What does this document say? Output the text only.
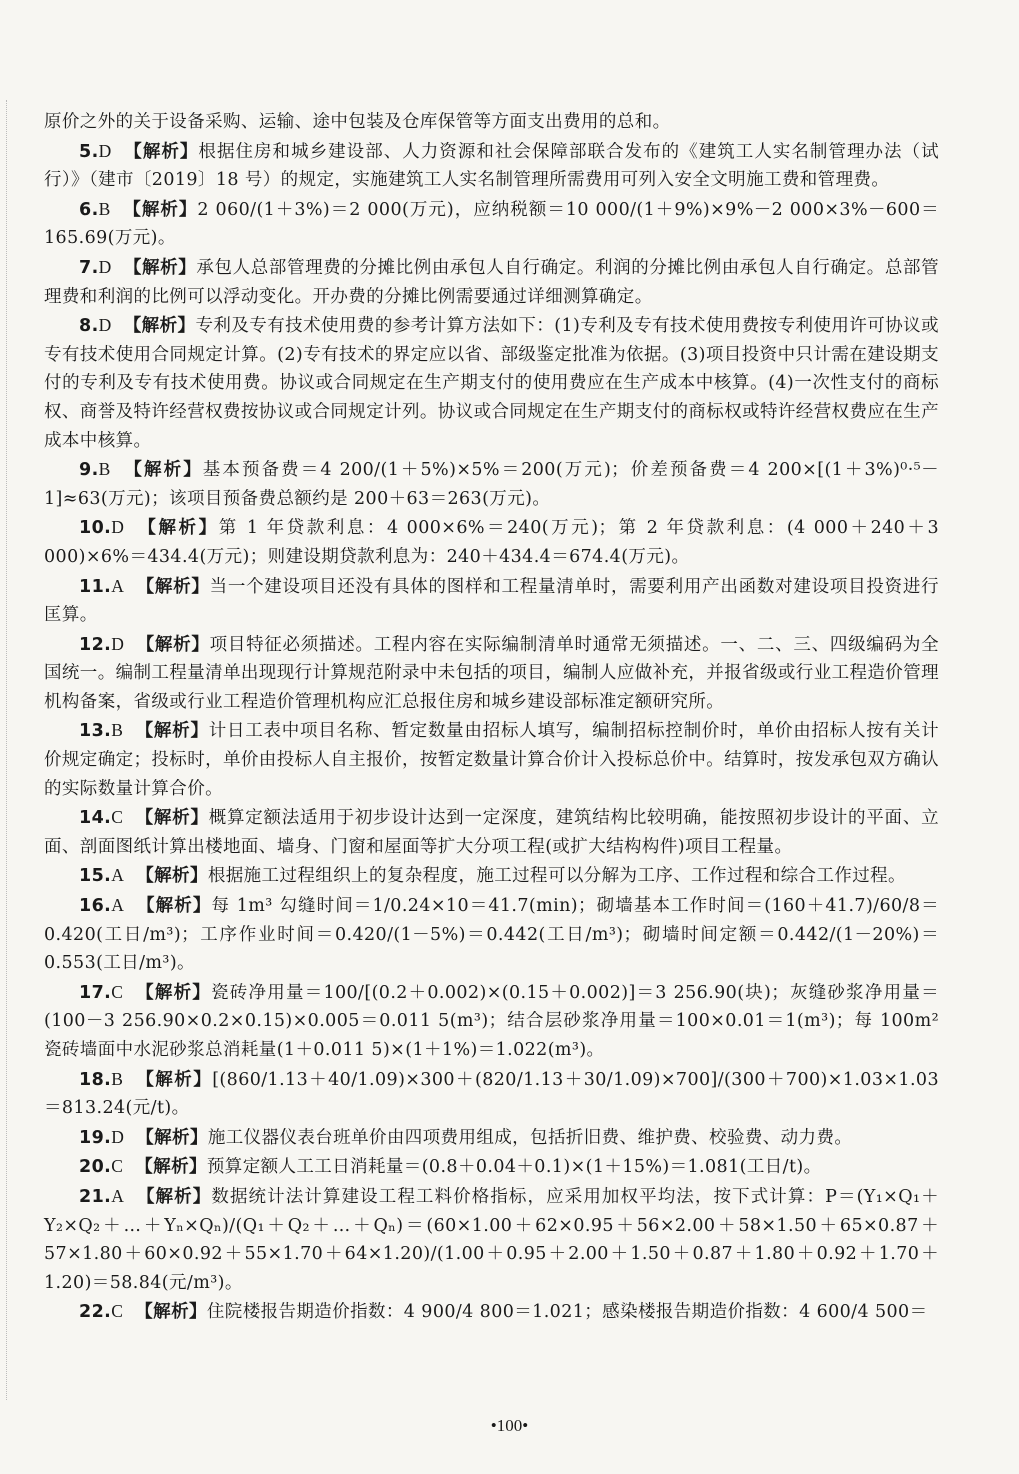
原价之外的关于设备采购、运输、途中包装及仓库保管等方面支出费用的总和。

5.D 【解析】根据住房和城乡建设部、人力资源和社会保障部联合发布的《建筑工人实名制管理办法（试行）》（建市〔2019〕18 号）的规定，实施建筑工人实名制管理所需费用可列入安全文明施工费和管理费。

6.B 【解析】2 060/(1＋3%)＝2 000(万元)，应纳税额＝10 000/(1＋9%)×9%－2 000×3%－600＝165.69(万元)。

7.D 【解析】承包人总部管理费的分摊比例由承包人自行确定。利润的分摊比例由承包人自行确定。总部管理费和利润的比例可以浮动变化。开办费的分摊比例需要通过详细测算确定。

8.D 【解析】专利及专有技术使用费的参考计算方法如下：(1)专利及专有技术使用费按专利使用许可协议或专有技术使用合同规定计算。(2)专有技术的界定应以省、部级鉴定批准为依据。(3)项目投资中只计需在建设期支付的专利及专有技术使用费。协议或合同规定在生产期支付的使用费应在生产成本中核算。(4)一次性支付的商标权、商誉及特许经营权费按协议或合同规定计列。协议或合同规定在生产期支付的商标权或特许经营权费应在生产成本中核算。

9.B 【解析】基本预备费＝4 200/(1＋5%)×5%＝200(万元)；价差预备费＝4 200×[(1＋3%)⁰·⁵－1]≈63(万元)；该项目预备费总额约是 200＋63＝263(万元)。

10.D 【解析】第 1 年贷款利息：4 000×6%＝240(万元)；第 2 年贷款利息：(4 000＋240＋3 000)×6%＝434.4(万元)；则建设期贷款利息为：240＋434.4＝674.4(万元)。

11.A 【解析】当一个建设项目还没有具体的图样和工程量清单时，需要利用产出函数对建设项目投资进行匡算。

12.D 【解析】项目特征必须描述。工程内容在实际编制清单时通常无须描述。一、二、三、四级编码为全国统一。编制工程量清单出现现行计算规范附录中未包括的项目，编制人应做补充，并报省级或行业工程造价管理机构备案，省级或行业工程造价管理机构应汇总报住房和城乡建设部标准定额研究所。

13.B 【解析】计日工表中项目名称、暂定数量由招标人填写，编制招标控制价时，单价由招标人按有关计价规定确定；投标时，单价由投标人自主报价，按暂定数量计算合价计入投标总价中。结算时，按发承包双方确认的实际数量计算合价。

14.C 【解析】概算定额法适用于初步设计达到一定深度，建筑结构比较明确，能按照初步设计的平面、立面、剖面图纸计算出楼地面、墙身、门窗和屋面等扩大分项工程(或扩大结构构件)项目工程量。

15.A 【解析】根据施工过程组织上的复杂程度，施工过程可以分解为工序、工作过程和综合工作过程。

16.A 【解析】每 1m³ 勾缝时间＝1/0.24×10＝41.7(min)；砌墙基本工作时间＝(160＋41.7)/60/8＝0.420(工日/m³)；工序作业时间＝0.420/(1－5%)＝0.442(工日/m³)；砌墙时间定额＝0.442/(1－20%)＝0.553(工日/m³)。

17.C 【解析】瓷砖净用量＝100/[(0.2＋0.002)×(0.15＋0.002)]＝3 256.90(块)；灰缝砂浆净用量＝(100－3 256.90×0.2×0.15)×0.005＝0.011 5(m³)；结合层砂浆净用量＝100×0.01＝1(m³)；每 100m² 瓷砖墙面中水泥砂浆总消耗量(1＋0.011 5)×(1＋1%)＝1.022(m³)。

18.B 【解析】[(860/1.13＋40/1.09)×300＋(820/1.13＋30/1.09)×700]/(300＋700)×1.03×1.03＝813.24(元/t)。

19.D 【解析】施工仪器仪表台班单价由四项费用组成，包括折旧费、维护费、校验费、动力费。

20.C 【解析】预算定额人工工日消耗量＝(0.8＋0.04＋0.1)×(1＋15%)＝1.081(工日/t)。

21.A 【解析】数据统计法计算建设工程工料价格指标，应采用加权平均法，按下式计算：P＝(Y₁×Q₁＋Y₂×Q₂＋…＋Yₙ×Qₙ)/(Q₁＋Q₂＋…＋Qₙ)＝(60×1.00＋62×0.95＋56×2.00＋58×1.50＋65×0.87＋57×1.80＋60×0.92＋55×1.70＋64×1.20)/(1.00＋0.95＋2.00＋1.50＋0.87＋1.80＋0.92＋1.70＋1.20)＝58.84(元/m³)。

22.C 【解析】住院楼报告期造价指数：4 900/4 800＝1.021；感染楼报告期造价指数：4 600/4 500＝

•100•
